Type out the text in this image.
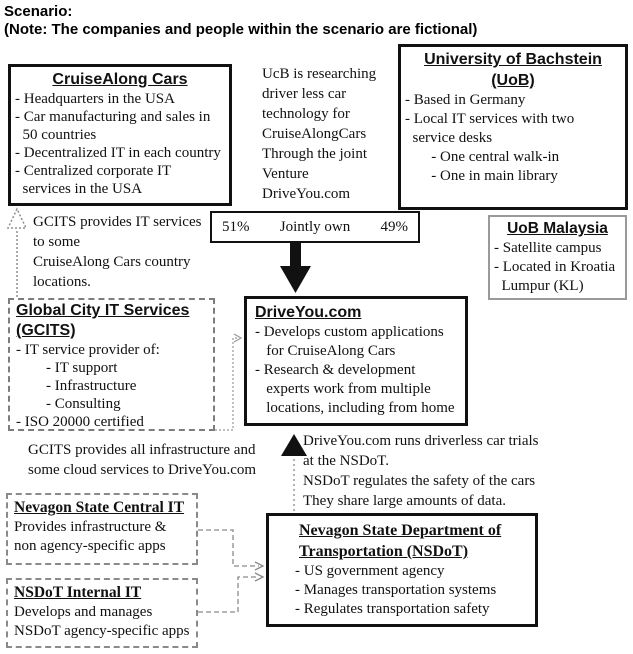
Scenario:
(Note: The companies and people within the scenario are fictional)
CruiseAlong Cars
- Headquarters in the USA
- Car manufacturing and sales in
50 countries
- Decentralized IT in each country
- Centralized corporate IT
services in the USA
UcB is researching
driver less car
technology for
CruiseAlongCars
Through the joint
Venture
DriveYou.com
University of Bachstein
(UoB)
- Based in Germany
- Local IT services with two
service desks
- One central walk-in
- One in main library
51% Jointly own 49%	UoB Malaysia
- Satellite campus
- Located in Kroatia
Lumpur (KL)
GCITS provides IT services
to some
CruiseAlong Cars country
locations.
Global City IT Services
(GCITS)
- IT service provider of:
- IT support
- Infrastructure
- Consulting
- ISO 20000 certified
DriveYou.com
- Develops custom applications
for CruiseAlong Cars
- Research & development
experts work from multiple
locations, including from home
GCITS provides all infrastructure and
some cloud services to DriveYou.com
DriveYou.com runs driverless car trials
at the NSDoT.
NSDoT regulates the safety of the cars
They share large amounts of data.
Nevagon State Central IT
Provides infrastructure &
non agency-specific apps
NSDoT Internal IT
Develops and manages
NSDoT agency-specific apps
Nevagon State Department of
Transportation (NSDoT)
- US government agency
- Manages transportation systems
- Regulates transportation safety
